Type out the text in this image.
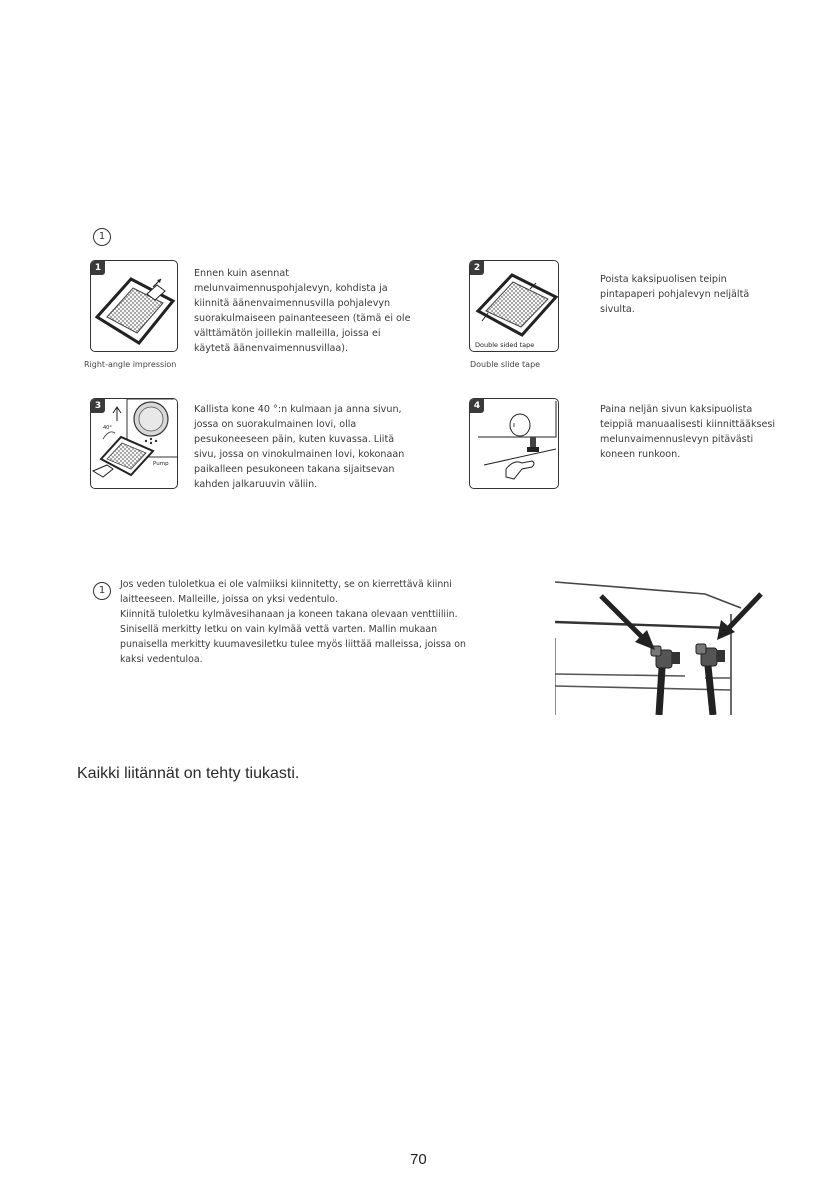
1
1	Ennen kuin asennat
melunvaimennuspohjalevyn, kohdista ja
kiinnitä äänenvaimennusvilla pohjalevyn
suorakulmaiseen painanteeseen (tämä ei ole
välttämätön joillekin malleilla, joissa ei
käytetä äänenvaimennusvillaa).
Right-angle impression
2
Double sided tape
Poista kaksipuolisen teipin
pintapaperi pohjalevyn neljältä
sivulta.
Double slide tape
3
40°
Pump
Kallista kone 40 °:n kulmaan ja anna sivun,
jossa on suorakulmainen lovi, olla
pesukoneeseen päin, kuten kuvassa. Liitä
sivu, jossa on vinokulmainen lovi, kokonaan
paikalleen pesukoneen takana sijaitsevan
kahden jalkaruuvin väliin.
4	Paina neljän sivun kaksipuolista
teippiä manuaalisesti kiinnittääksesi
melunvaimennuslevyn pitävästi
koneen runkoon.
1
Jos veden tuloletkua ei ole valmiiksi kiinnitetty, se on kierrettävä kiinni
laitteeseen. Malleille, joissa on yksi vedentulo.
Kiinnitä tuloletku kylmävesihanaan ja koneen takana olevaan venttiiliin.
Sinisellä merkitty letku on vain kylmää vettä varten. Mallin mukaan
punaisella merkitty kuumavesiletku tulee myös liittää malleissa, joissa on
kaksi vedentuloa.
Kaikki liitännät on tehty tiukasti.
70
